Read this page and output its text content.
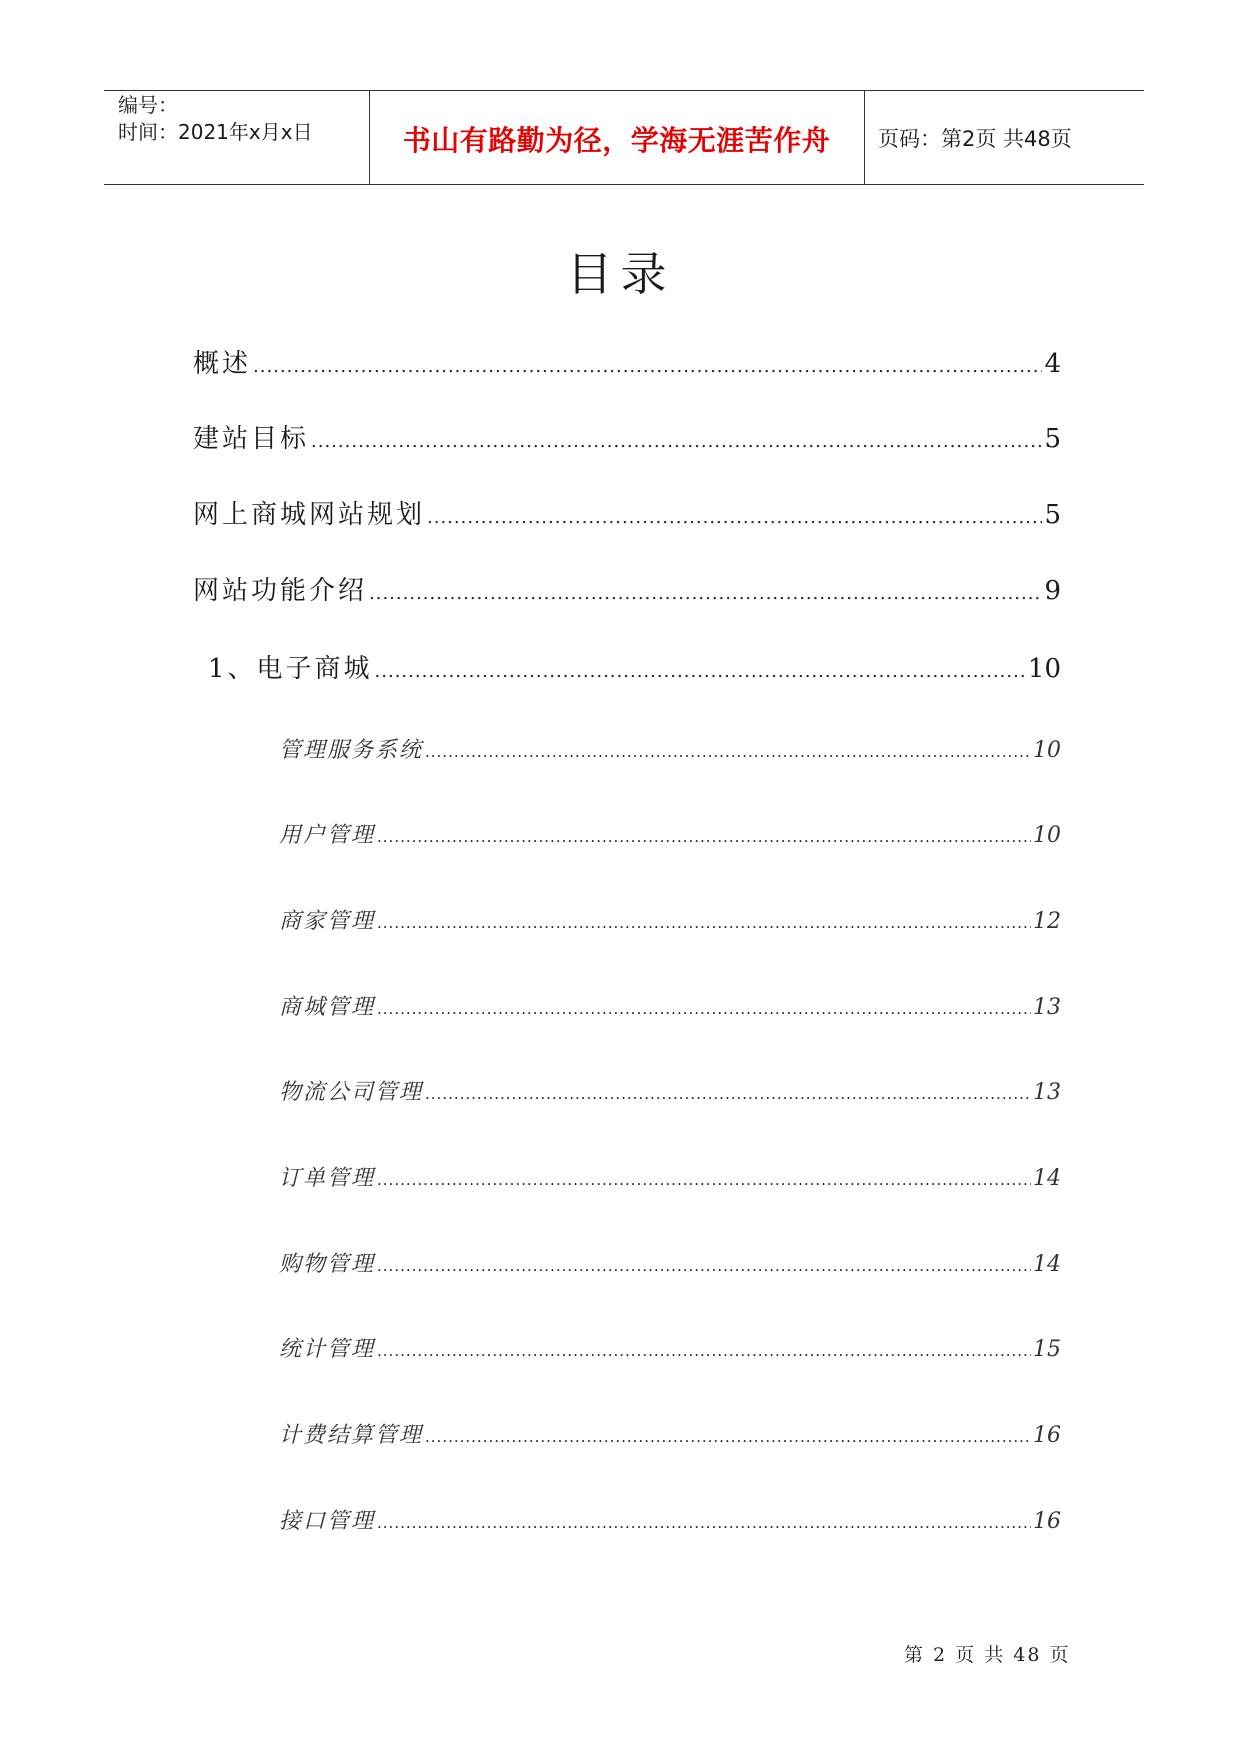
编号：
时间：2021年x月x日	书山有路勤为径，学海无涯苦作舟	页码：第2页 共48页
目录
概述 .....	4
建站目标 .....	5
网上商城网站规划 .....	5
网站功能介绍 .....	9
1、电子商城 .....	10
管理服务系统 .....	10
用户管理 .....	10
商家管理 .....	12
商城管理 .....	13
物流公司管理 .....	13
订单管理 .....	14
购物管理 .....	14
统计管理 .....	15
计费结算管理 .....	16
接口管理 .....	16
第 2 页 共 48 页
